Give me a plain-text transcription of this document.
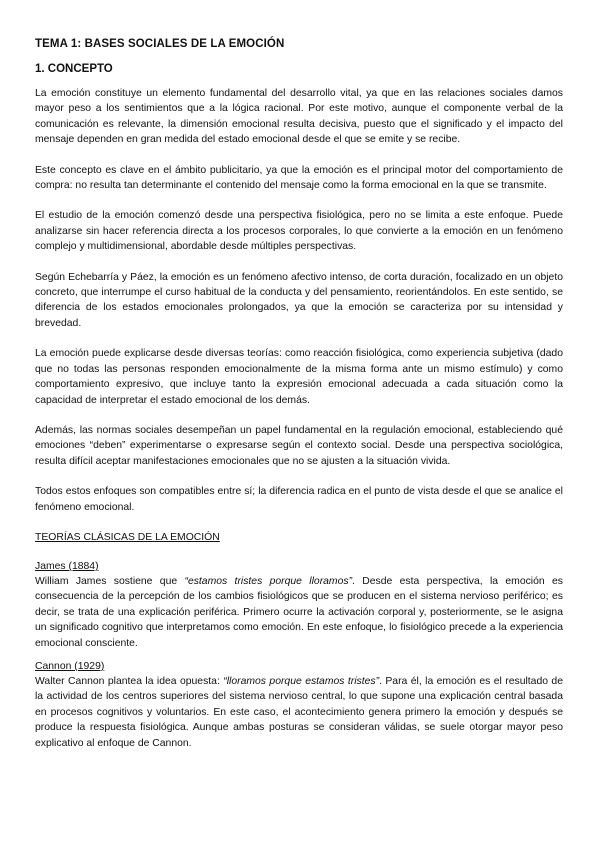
TEMA 1: BASES SOCIALES DE LA EMOCIÓN
1. CONCEPTO

La emoción constituye un elemento fundamental del desarrollo vital, ya que en las relaciones sociales damos mayor peso a los sentimientos que a la lógica racional. Por este motivo, aunque el componente verbal de la comunicación es relevante, la dimensión emocional resulta decisiva, puesto que el significado y el impacto del mensaje dependen en gran medida del estado emocional desde el que se emite y se recibe.

Este concepto es clave en el ámbito publicitario, ya que la emoción es el principal motor del comportamiento de compra: no resulta tan determinante el contenido del mensaje como la forma emocional en la que se transmite.

El estudio de la emoción comenzó desde una perspectiva fisiológica, pero no se limita a este enfoque. Puede analizarse sin hacer referencia directa a los procesos corporales, lo que convierte a la emoción en un fenómeno complejo y multidimensional, abordable desde múltiples perspectivas.

Según Echebarría y Páez, la emoción es un fenómeno afectivo intenso, de corta duración, focalizado en un objeto concreto, que interrumpe el curso habitual de la conducta y del pensamiento, reorientándolos. En este sentido, se diferencia de los estados emocionales prolongados, ya que la emoción se caracteriza por su intensidad y brevedad.

La emoción puede explicarse desde diversas teorías: como reacción fisiológica, como experiencia subjetiva (dado que no todas las personas responden emocionalmente de la misma forma ante un mismo estímulo) y como comportamiento expresivo, que incluye tanto la expresión emocional adecuada a cada situación como la capacidad de interpretar el estado emocional de los demás.

Además, las normas sociales desempeñan un papel fundamental en la regulación emocional, estableciendo qué emociones “deben” experimentarse o expresarse según el contexto social. Desde una perspectiva sociológica, resulta difícil aceptar manifestaciones emocionales que no se ajusten a la situación vivida.

Todos estos enfoques son compatibles entre sí; la diferencia radica en el punto de vista desde el que se analice el fenómeno emocional.

TEORÍAS CLÁSICAS DE LA EMOCIÓN
James (1884)

William James sostiene que “estamos tristes porque lloramos”. Desde esta perspectiva, la emoción es consecuencia de la percepción de los cambios fisiológicos que se producen en el sistema nervioso periférico; es decir, se trata de una explicación periférica. Primero ocurre la activación corporal y, posteriormente, se le asigna un significado cognitivo que interpretamos como emoción. En este enfoque, lo fisiológico precede a la experiencia emocional consciente.

Cannon (1929)

Walter Cannon plantea la idea opuesta: “lloramos porque estamos tristes”. Para él, la emoción es el resultado de la actividad de los centros superiores del sistema nervioso central, lo que supone una explicación central basada en procesos cognitivos y voluntarios. En este caso, el acontecimiento genera primero la emoción y después se produce la respuesta fisiológica. Aunque ambas posturas se consideran válidas, se suele otorgar mayor peso explicativo al enfoque de Cannon.
